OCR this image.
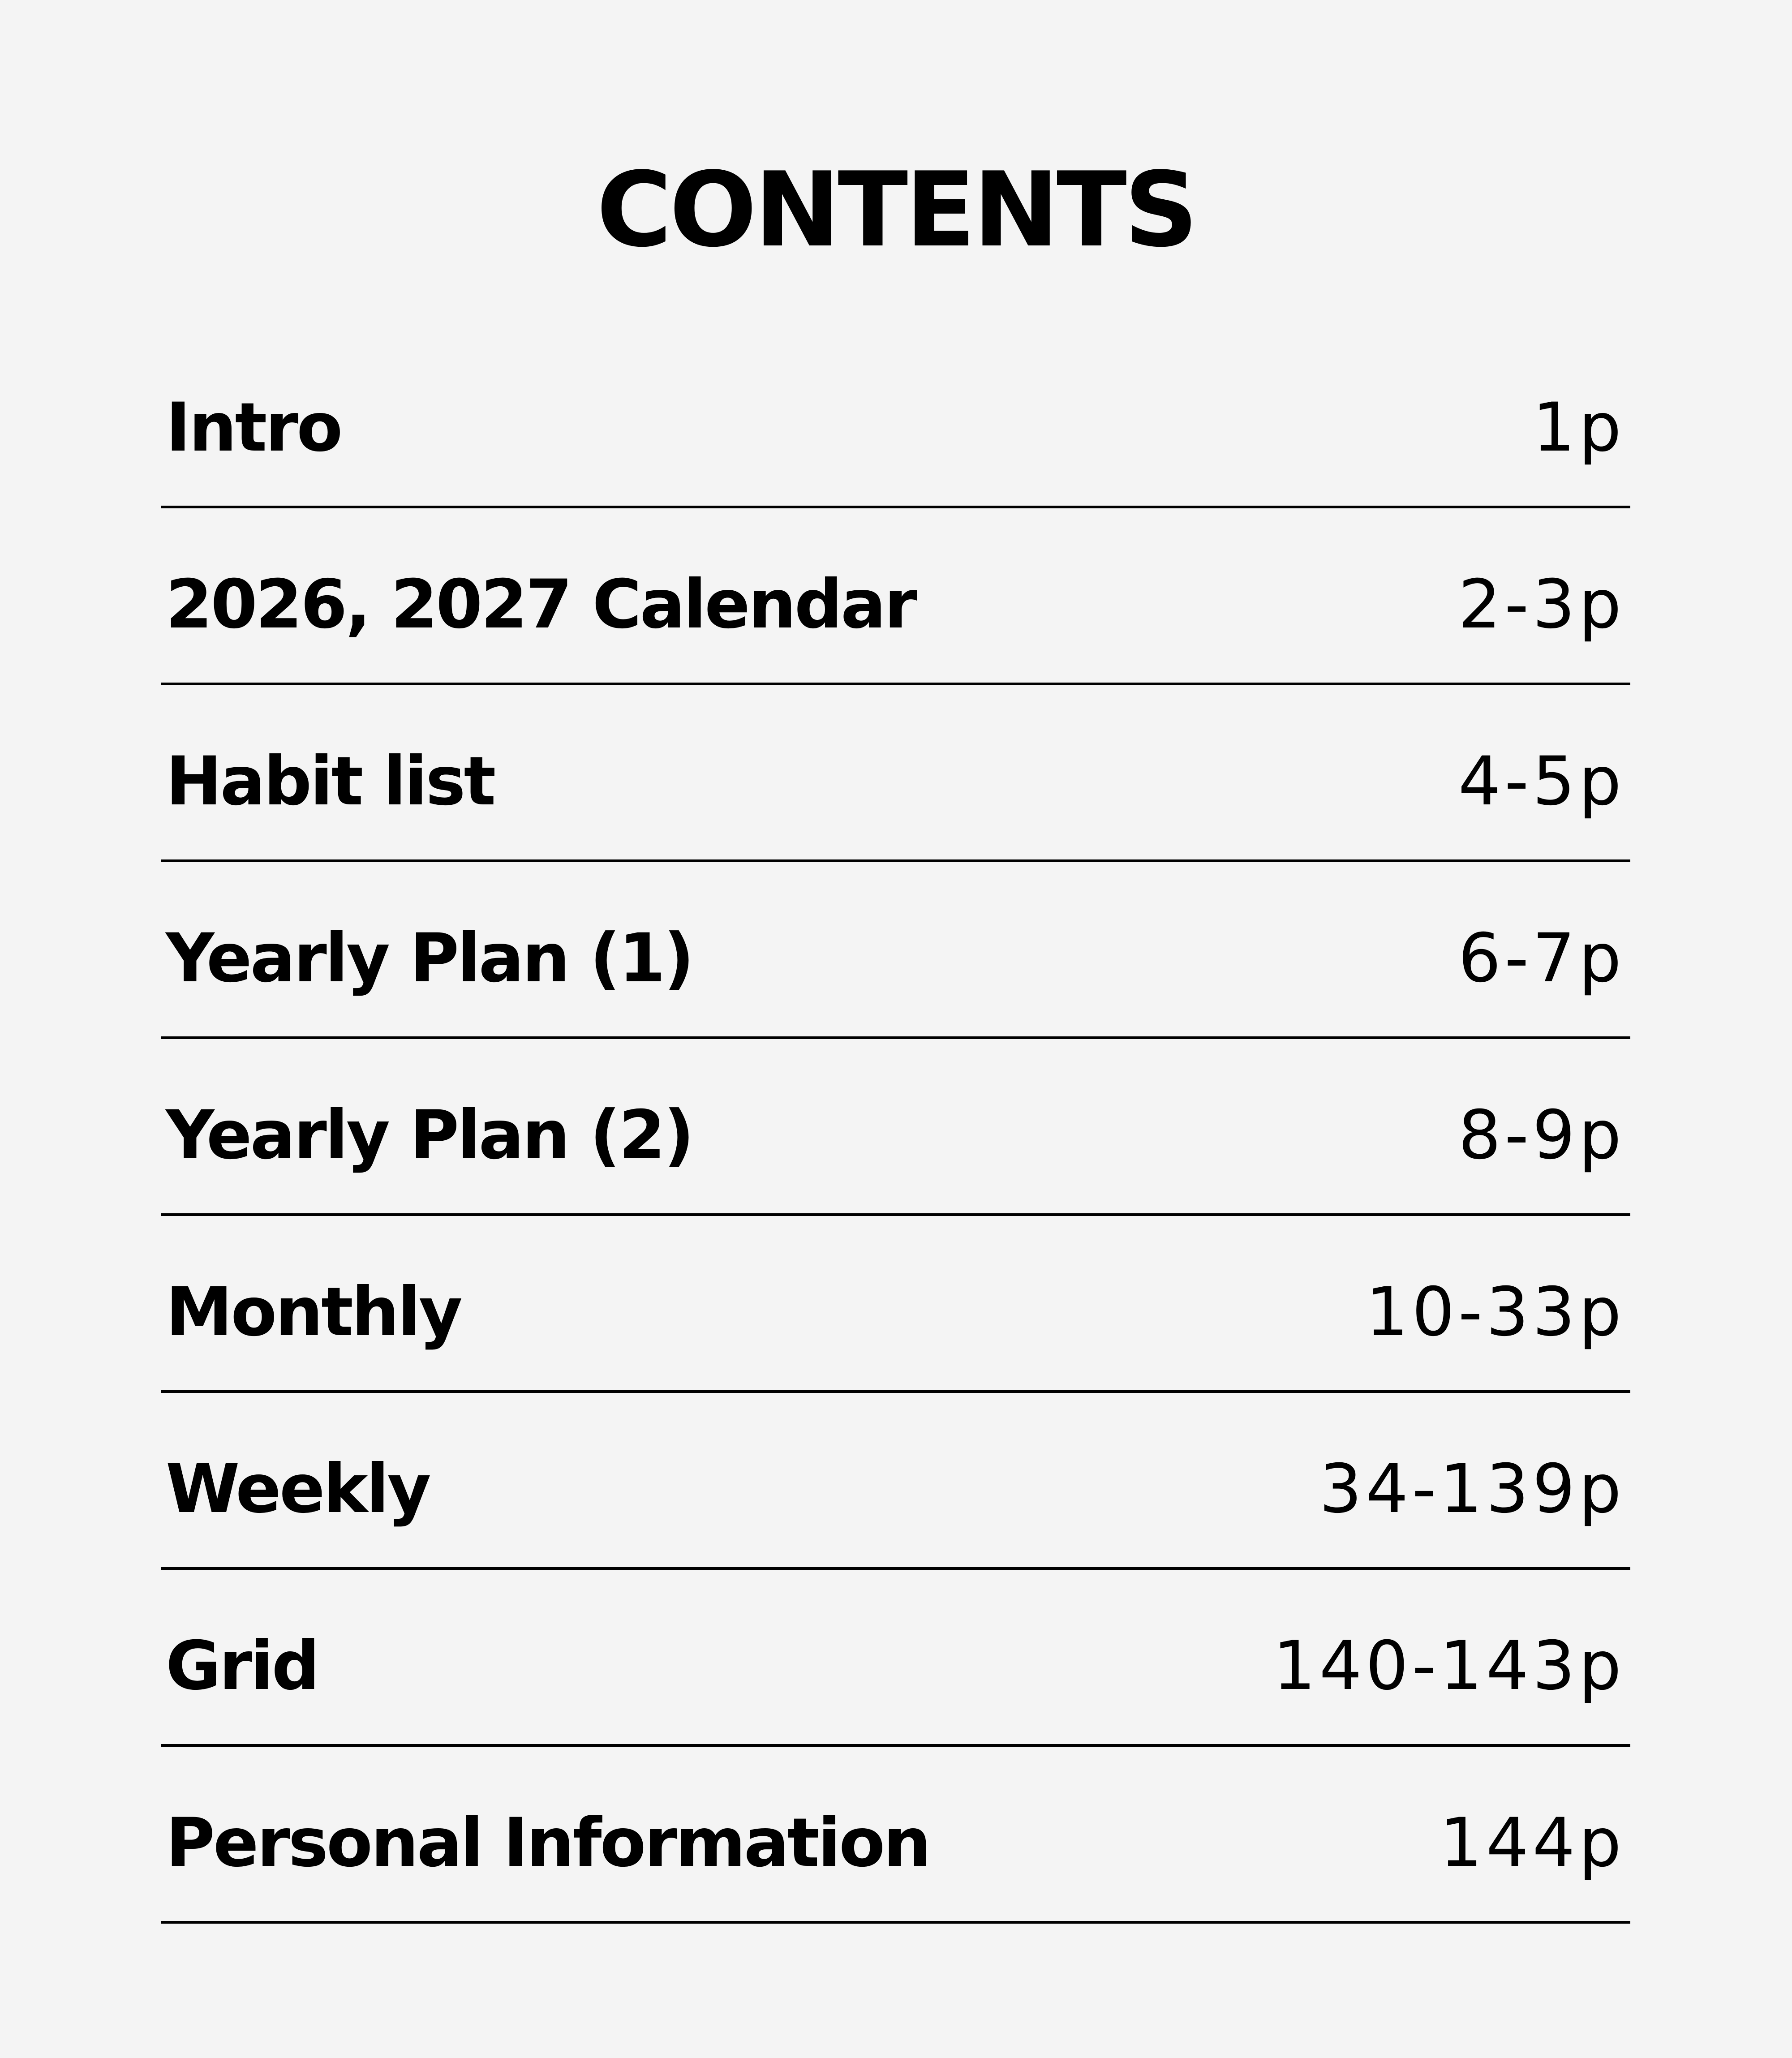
CONTENTS
Intro	1p
2026, 2027 Calendar	2-3p
Habit list	4-5p
Yearly Plan (1)	6-7p
Yearly Plan (2)	8-9p
Monthly	10-33p
Weekly	34-139p
Grid	140-143p
Personal Information	144p
